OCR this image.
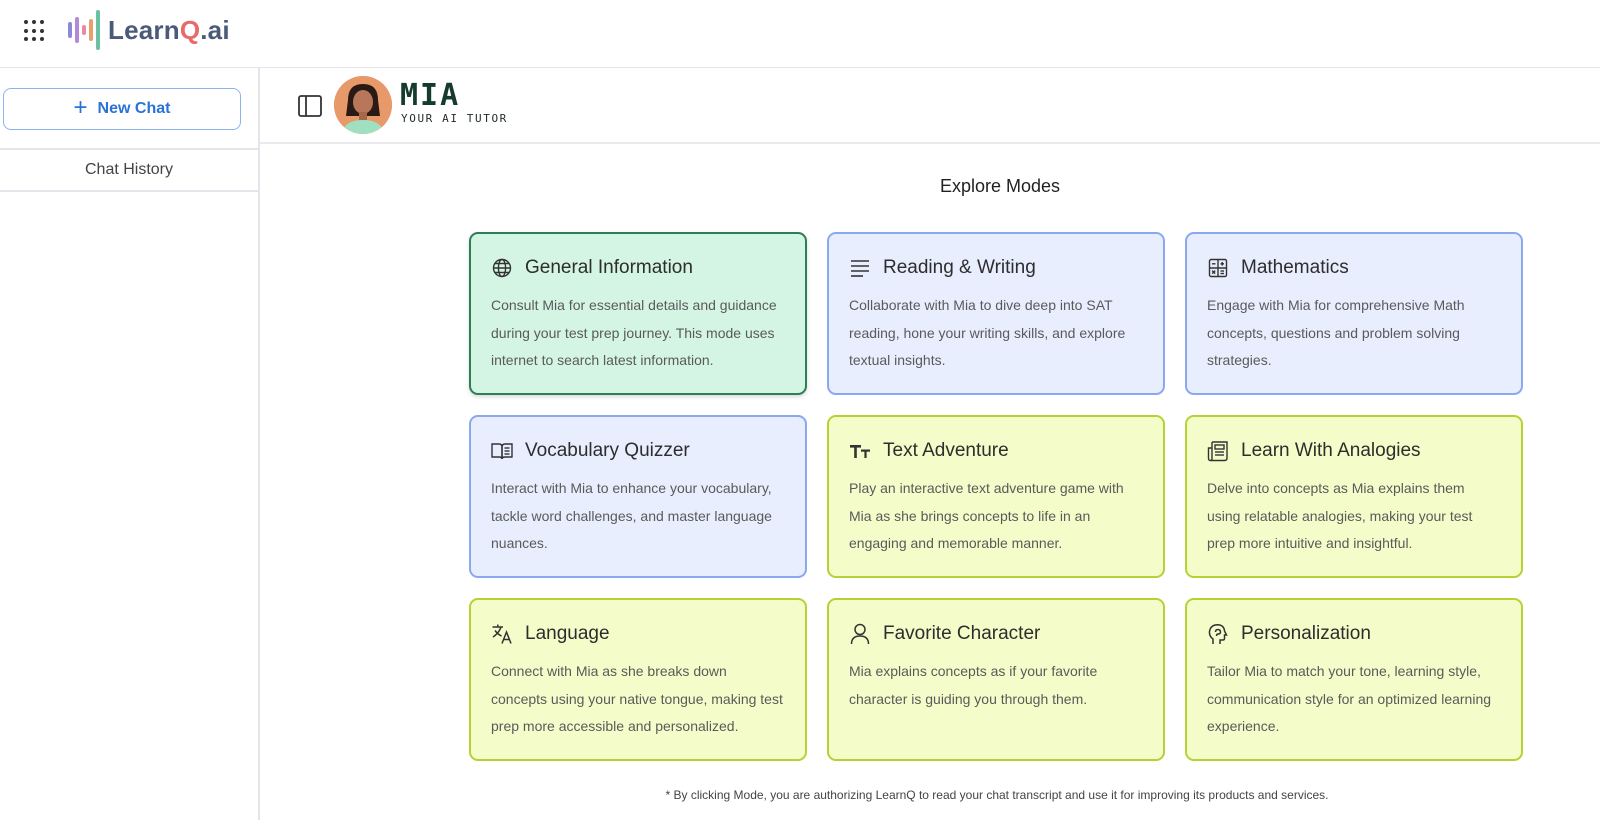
LearnQ.ai
+ New Chat
Chat History
MIA
YOUR AI TUTOR
Explore Modes
General Information
Consult Mia for essential details and guidance during your test prep journey. This mode uses internet to search latest information.
Reading & Writing
Collaborate with Mia to dive deep into SAT reading, hone your writing skills, and explore textual insights.
Mathematics
Engage with Mia for comprehensive Math concepts, questions and problem solving strategies.
Vocabulary Quizzer
Interact with Mia to enhance your vocabulary, tackle word challenges, and master language nuances.
Text Adventure
Play an interactive text adventure game with Mia as she brings concepts to life in an engaging and memorable manner.
Learn With Analogies
Delve into concepts as Mia explains them using relatable analogies, making your test prep more intuitive and insightful.
Language
Connect with Mia as she breaks down concepts using your native tongue, making test prep more accessible and personalized.
Favorite Character
Mia explains concepts as if your favorite character is guiding you through them.
Personalization
Tailor Mia to match your tone, learning style, communication style for an optimized learning experience.
* By clicking Mode, you are authorizing LearnQ to read your chat transcript and use it for improving its products and services.
